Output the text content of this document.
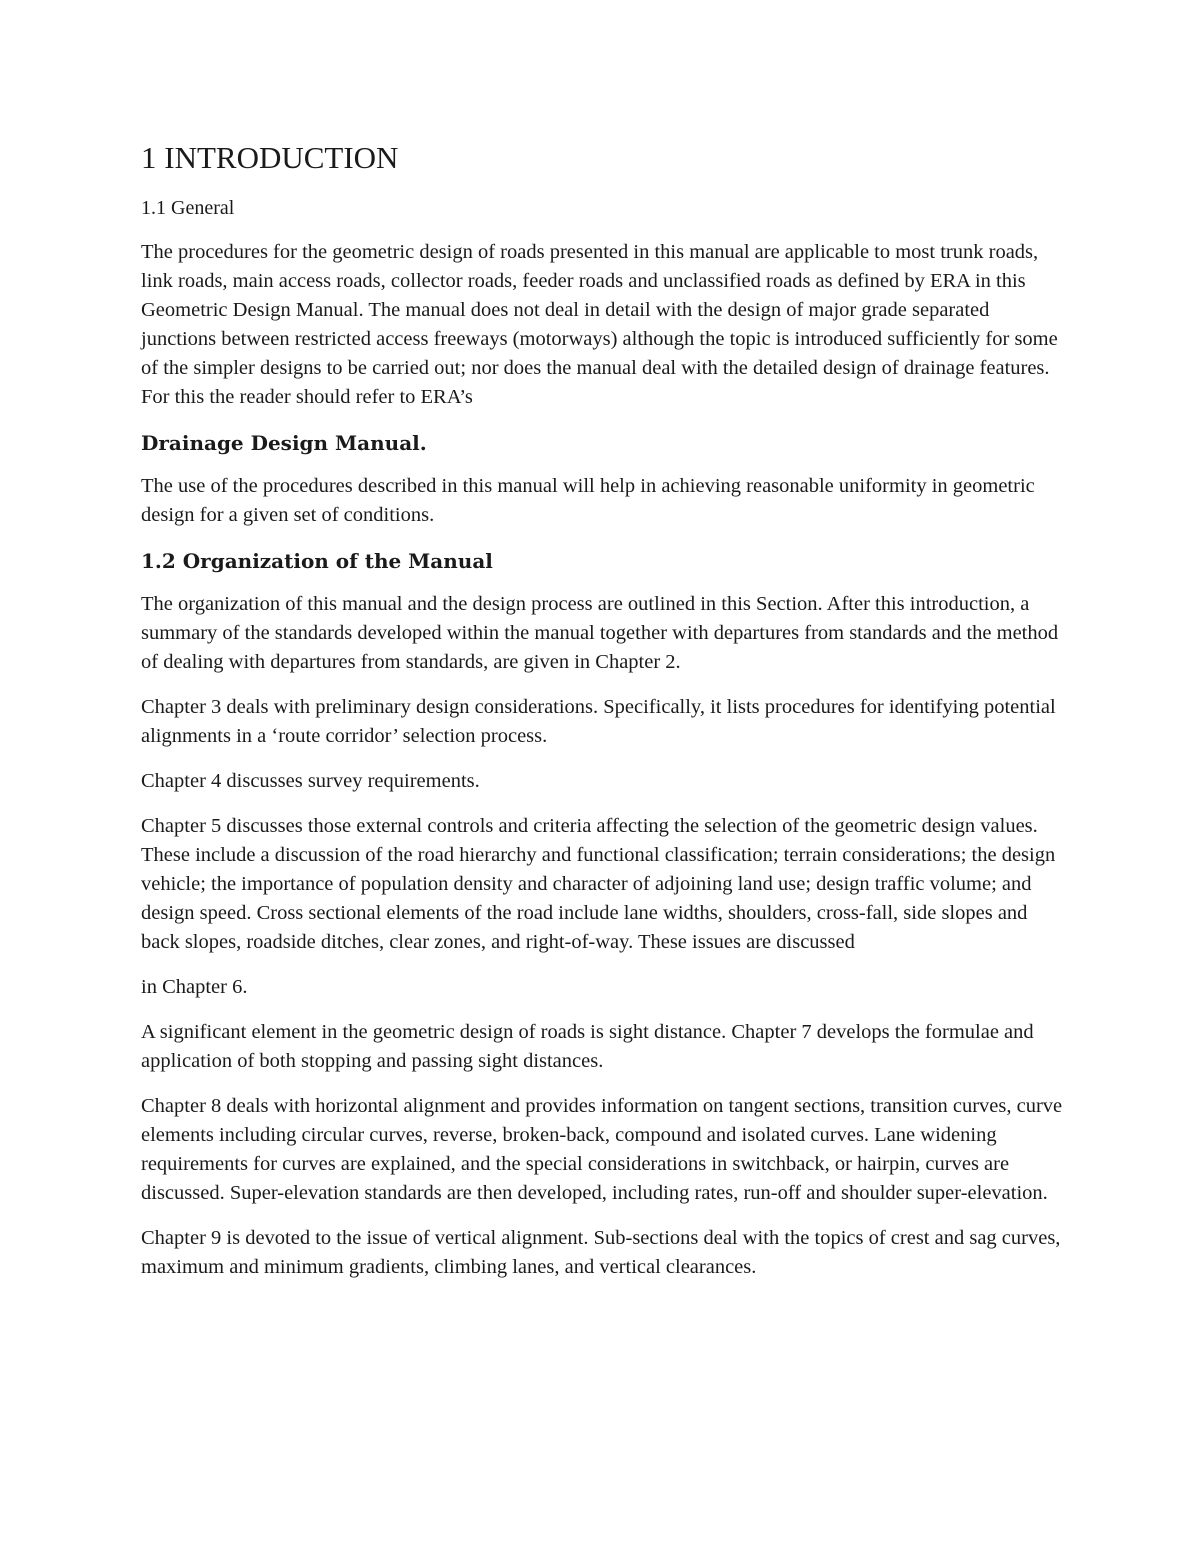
1 INTRODUCTION
1.1 General

The procedures for the geometric design of roads presented in this manual are applicable to most trunk roads, link roads, main access roads, collector roads, feeder roads and unclassified roads as defined by ERA in this Geometric Design Manual. The manual does not deal in detail with the design of major grade separated junctions between restricted access freeways (motorways) although the topic is introduced sufficiently for some of the simpler designs to be carried out; nor does the manual deal with the detailed design of drainage features. For this the reader should refer to ERA’s

Drainage Design Manual.

The use of the procedures described in this manual will help in achieving reasonable uniformity in geometric design for a given set of conditions.

1.2 Organization of the Manual

The organization of this manual and the design process are outlined in this Section. After this introduction, a summary of the standards developed within the manual together with departures from standards and the method of dealing with departures from standards, are given in Chapter 2.

Chapter 3 deals with preliminary design considerations. Specifically, it lists procedures for identifying potential alignments in a ‘route corridor’ selection process.

Chapter 4 discusses survey requirements.

Chapter 5 discusses those external controls and criteria affecting the selection of the geometric design values. These include a discussion of the road hierarchy and functional classification; terrain considerations; the design vehicle; the importance of population density and character of adjoining land use; design traffic volume; and design speed. Cross sectional elements of the road include lane widths, shoulders, cross-fall, side slopes and back slopes, roadside ditches, clear zones, and right-of-way. These issues are discussed

in Chapter 6.

A significant element in the geometric design of roads is sight distance. Chapter 7 develops the formulae and application of both stopping and passing sight distances.

Chapter 8 deals with horizontal alignment and provides information on tangent sections, transition curves, curve elements including circular curves, reverse, broken-back, compound and isolated curves. Lane widening requirements for curves are explained, and the special considerations in switchback, or hairpin, curves are discussed. Super-elevation standards are then developed, including rates, run-off and shoulder super-elevation.

Chapter 9 is devoted to the issue of vertical alignment. Sub-sections deal with the topics of crest and sag curves, maximum and minimum gradients, climbing lanes, and vertical clearances.
